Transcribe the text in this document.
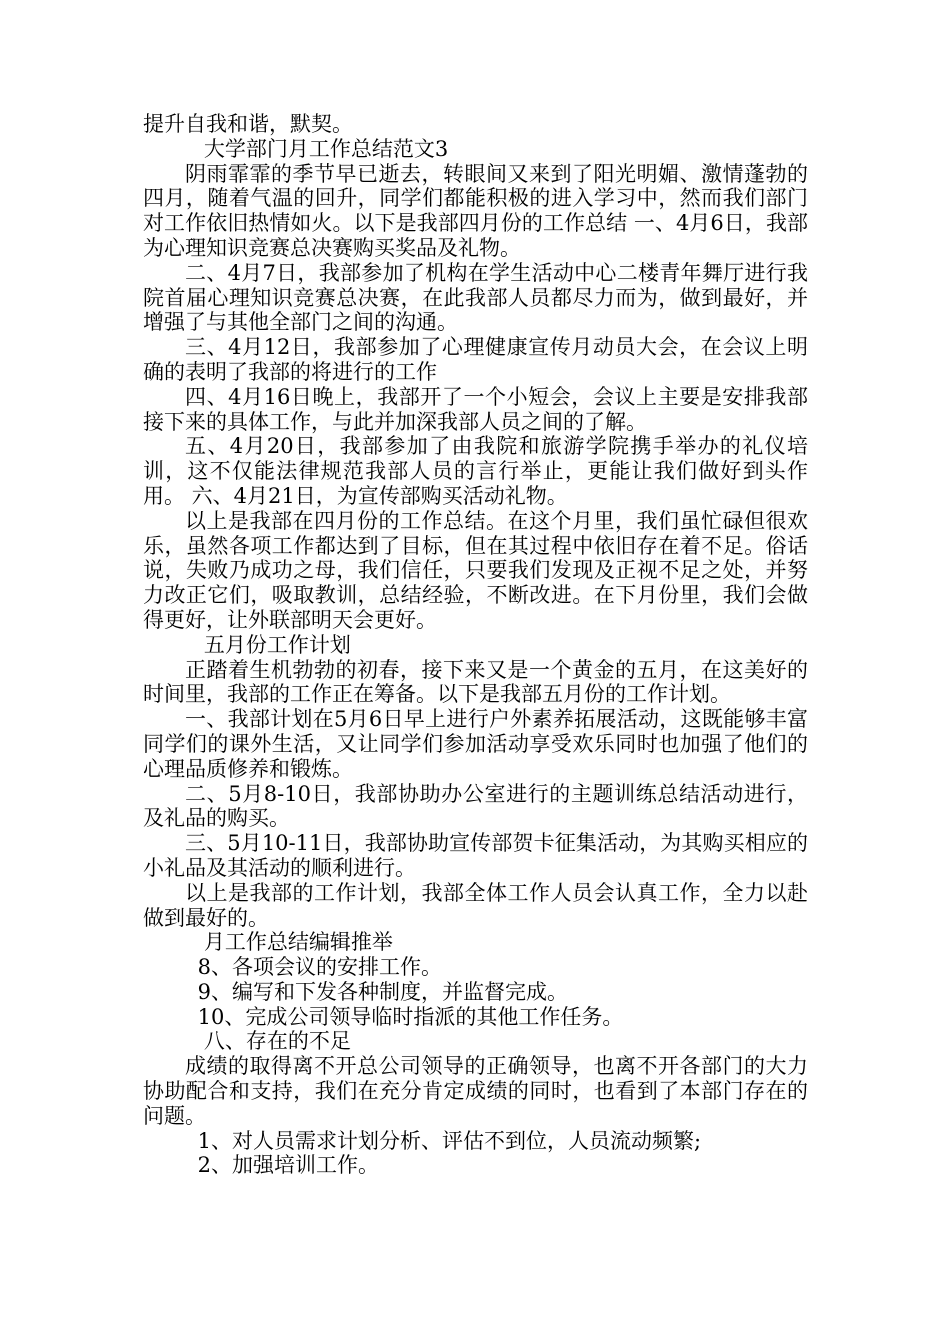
提升自我和谐，默契。

大学部门月工作总结范文3

阴雨霏霏的季节早已逝去，转眼间又来到了阳光明媚、激情蓬勃的四月，随着气温的回升，同学们都能积极的进入学习中，然而我们部门对工作依旧热情如火。以下是我部四月份的工作总结 一、4月6日，我部为心理知识竞赛总决赛购买奖品及礼物。

二、4月7日，我部参加了机构在学生活动中心二楼青年舞厅进行我院首届心理知识竞赛总决赛，在此我部人员都尽力而为，做到最好，并增强了与其他全部门之间的沟通。

三、4月12日，我部参加了心理健康宣传月动员大会，在会议上明确的表明了我部的将进行的工作

四、4月16日晚上，我部开了一个小短会，会议上主要是安排我部接下来的具体工作，与此并加深我部人员之间的了解。

五、4月20日，我部参加了由我院和旅游学院携手举办的礼仪培训，这不仅能法律规范我部人员的言行举止，更能让我们做好到头作用。 六、4月21日，为宣传部购买活动礼物。

以上是我部在四月份的工作总结。在这个月里，我们虽忙碌但很欢乐，虽然各项工作都达到了目标，但在其过程中依旧存在着不足。俗话说，失败乃成功之母，我们信任，只要我们发现及正视不足之处，并努力改正它们，吸取教训，总结经验，不断改进。在下月份里，我们会做得更好，让外联部明天会更好。

五月份工作计划

正踏着生机勃勃的初春，接下来又是一个黄金的五月，在这美好的时间里，我部的工作正在筹备。以下是我部五月份的工作计划。

一、我部计划在5月6日早上进行户外素养拓展活动，这既能够丰富同学们的课外生活，又让同学们参加活动享受欢乐同时也加强了他们的心理品质修养和锻炼。

二、5月8-10日，我部协助办公室进行的主题训练总结活动进行，及礼品的购买。

三、5月10-11日，我部协助宣传部贺卡征集活动，为其购买相应的小礼品及其活动的顺利进行。

以上是我部的工作计划，我部全体工作人员会认真工作，全力以赴做到最好的。

月工作总结编辑推举

8、各项会议的安排工作。

9、编写和下发各种制度，并监督完成。

10、完成公司领导临时指派的其他工作任务。

八、存在的不足

成绩的取得离不开总公司领导的正确领导，也离不开各部门的大力协助配合和支持，我们在充分肯定成绩的同时，也看到了本部门存在的问题。

1、对人员需求计划分析、评估不到位，人员流动频繁;

2、加强培训工作。
